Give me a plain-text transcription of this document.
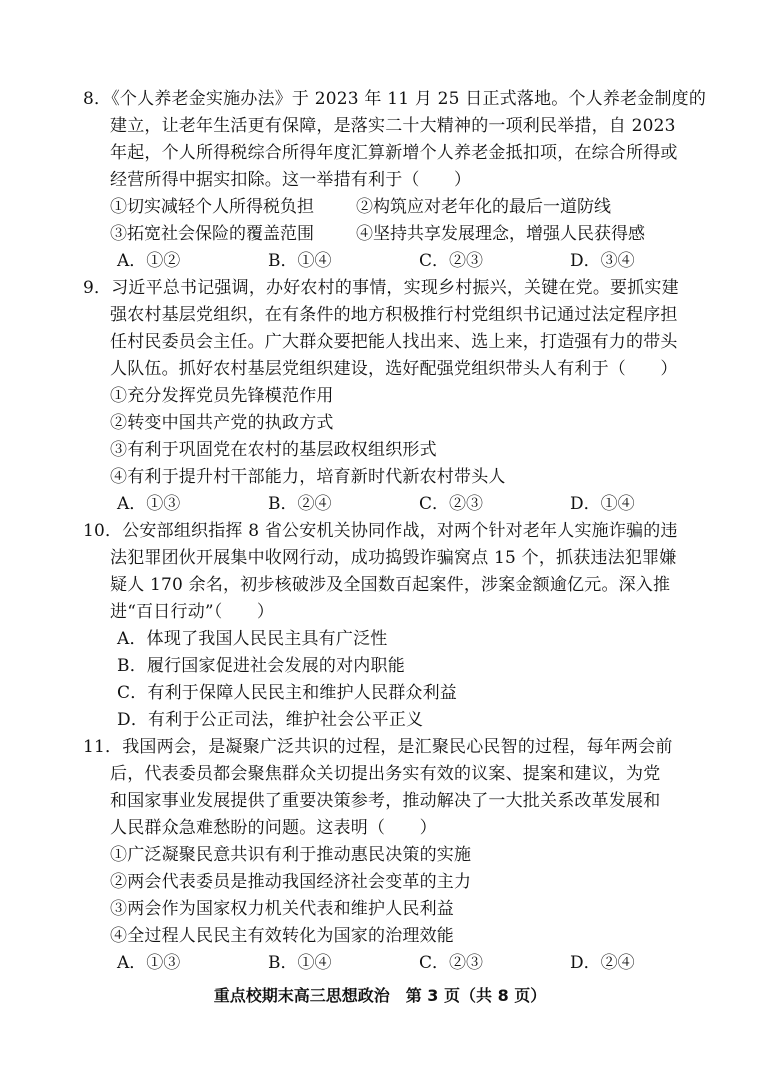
8．《个人养老金实施办法》于 2023 年 11 月 25 日正式落地。个人养老金制度的
建立，让老年生活更有保障，是落实二十大精神的一项利民举措，自 2023
年起，个人所得税综合所得年度汇算新增个人养老金抵扣项，在综合所得或
经营所得中据实扣除。这一举措有利于（　　）
①切实减轻个人所得税负担 ②构筑应对老年化的最后一道防线
③拓宽社会保险的覆盖范围 ④坚持共享发展理念，增强人民获得感
A．①②	B．①④	C．②③	D．③④
9．习近平总书记强调，办好农村的事情，实现乡村振兴，关键在党。要抓实建
强农村基层党组织，在有条件的地方积极推行村党组织书记通过法定程序担
任村民委员会主任。广大群众要把能人找出来、选上来，打造强有力的带头
人队伍。抓好农村基层党组织建设，选好配强党组织带头人有利于（　　）
①充分发挥党员先锋模范作用
②转变中国共产党的执政方式
③有利于巩固党在农村的基层政权组织形式
④有利于提升村干部能力，培育新时代新农村带头人
A．①③	B．②④	C．②③	D．①④
10．公安部组织指挥 8 省公安机关协同作战，对两个针对老年人实施诈骗的违
法犯罪团伙开展集中收网行动，成功捣毁诈骗窝点 15 个，抓获违法犯罪嫌
疑人 170 余名，初步核破涉及全国数百起案件，涉案金额逾亿元。深入推
进“百日行动”（　　）
A．体现了我国人民民主具有广泛性
B．履行国家促进社会发展的对内职能
C．有利于保障人民民主和维护人民群众利益
D．有利于公正司法，维护社会公平正义
11．我国两会，是凝聚广泛共识的过程，是汇聚民心民智的过程，每年两会前
后，代表委员都会聚焦群众关切提出务实有效的议案、提案和建议，为党
和国家事业发展提供了重要决策参考，推动解决了一大批关系改革发展和
人民群众急难愁盼的问题。这表明（　　）
①广泛凝聚民意共识有利于推动惠民决策的实施
②两会代表委员是推动我国经济社会变革的主力
③两会作为国家权力机关代表和维护人民利益
④全过程人民民主有效转化为国家的治理效能
A．①③	B．①④	C．②③	D．②④
重点校期末高三思想政治　第 3 页（共 8 页）
